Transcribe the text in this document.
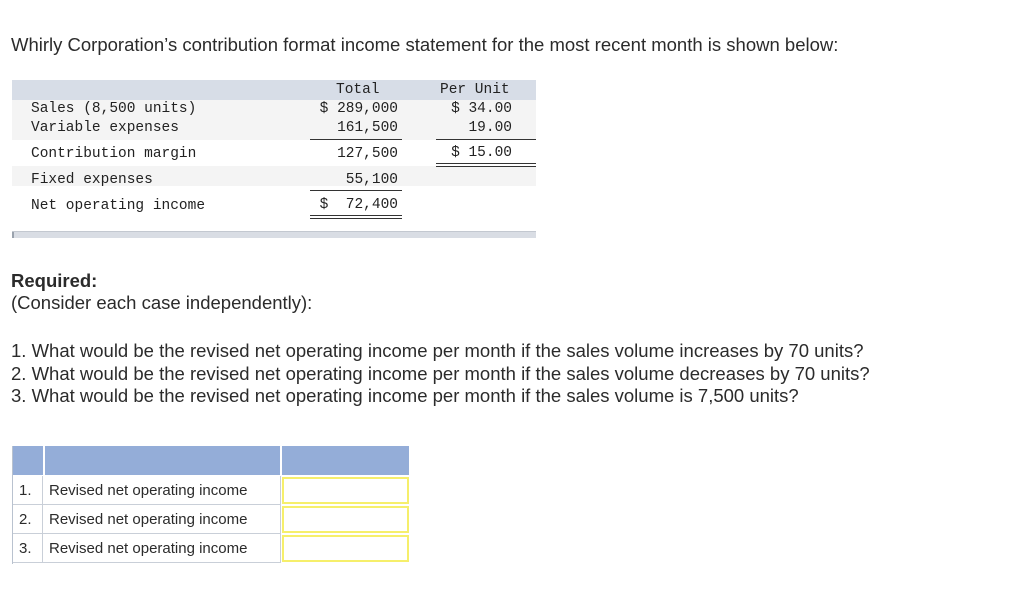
Whirly Corporation’s contribution format income statement for the most recent month is shown below:
Total	Per Unit
Sales (8,500 units)	$ 289,000	$ 34.00
Variable expenses	161,500	19.00
Contribution margin	127,500	$ 15.00
Fixed expenses	55,100
Net operating income	$  72,400
Required:
(Consider each case independently):
1. What would be the revised net operating income per month if the sales volume increases by 70 units?
2. What would be the revised net operating income per month if the sales volume decreases by 70 units?
3. What would be the revised net operating income per month if the sales volume is 7,500 units?
1.	Revised net operating income
2.	Revised net operating income
3.	Revised net operating income
